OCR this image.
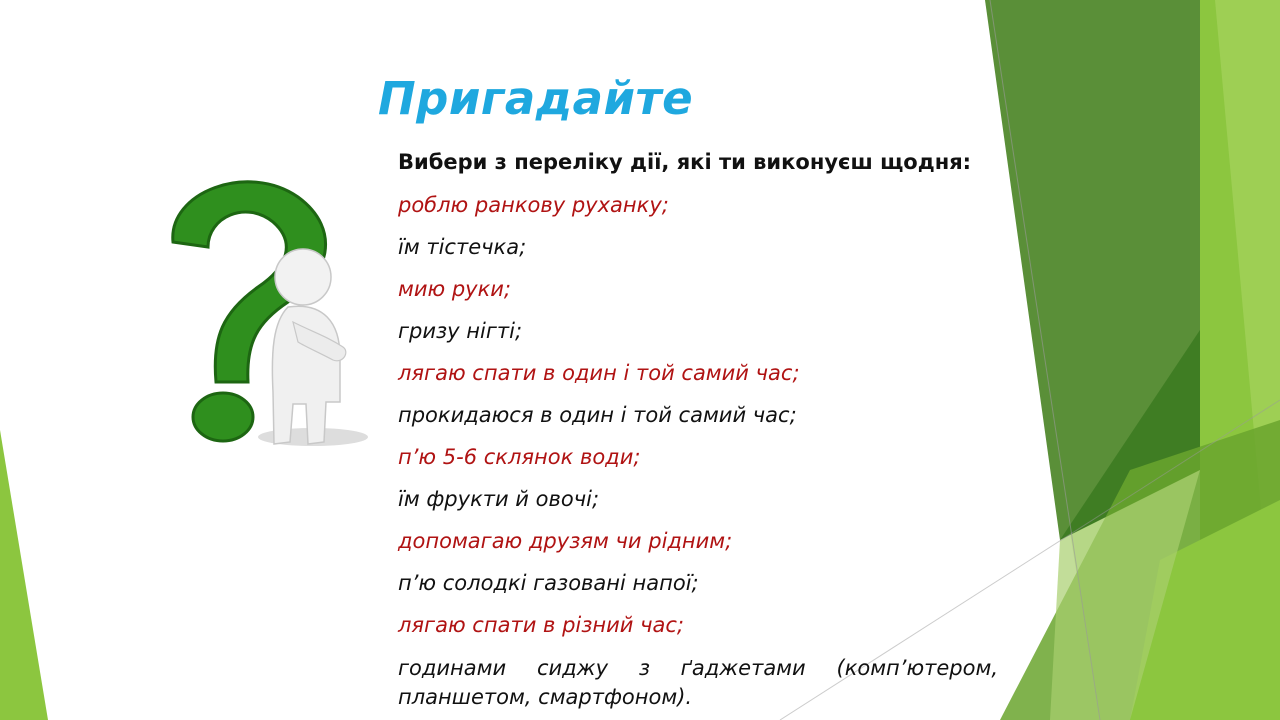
Пригадайте
Вибери з переліку дії, які ти виконуєш щодня:
роблю ранкову руханку;
їм тістечка;
мию руки;
гризу нігті;
лягаю спати в один і той самий час;
прокидаюся в один і той самий час;
п’ю 5-6 склянок води;
їм фрукти й овочі;
допомагаю друзям чи рідним;
п’ю солодкі газовані напої;
лягаю спати в різний час;
годинами сиджу з ґаджетами (комп’ютером, планшетом, смартфоном).
